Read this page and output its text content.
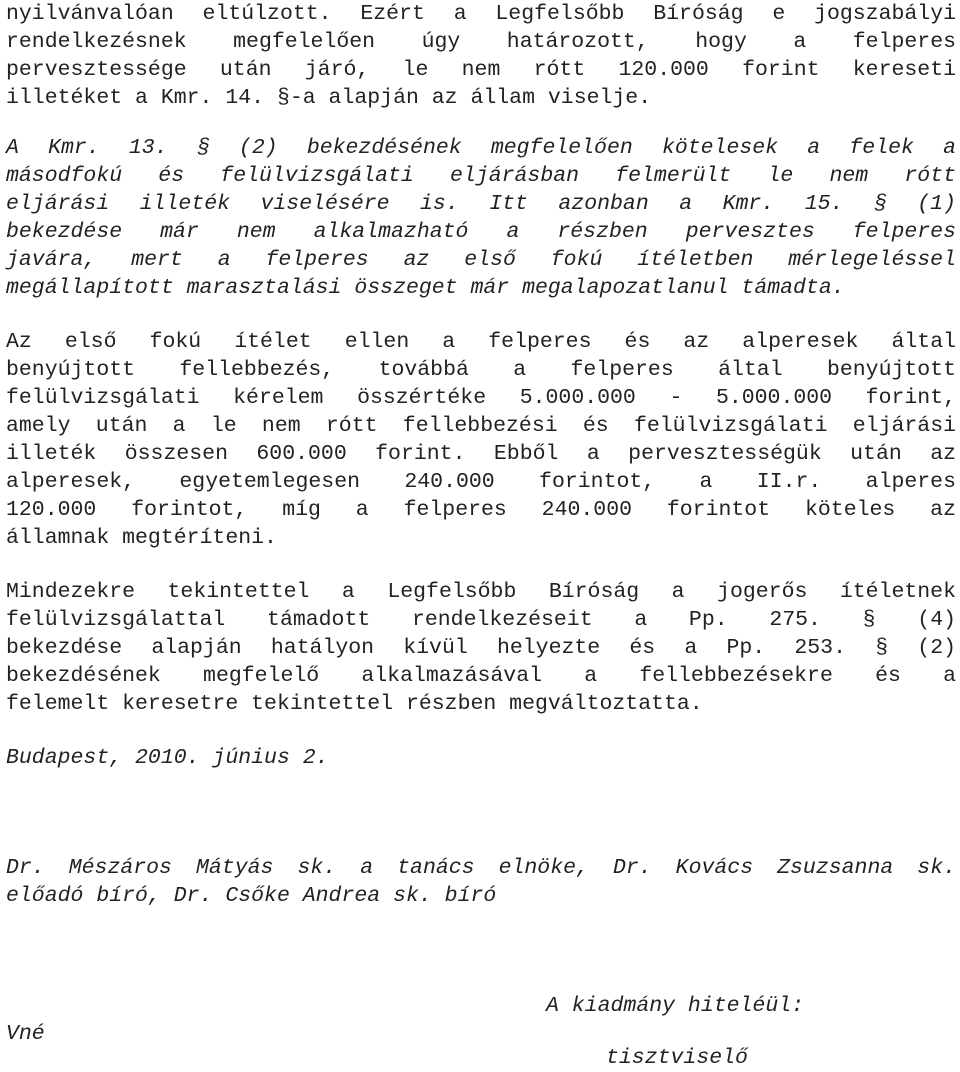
nyilvánvalóan eltúlzott. Ezért a Legfelsőbb Bíróság e jogszabályi
rendelkezésnek megfelelően úgy határozott, hogy a felperes
pervesztessége után járó, le nem rótt 120.000 forint kereseti
illetéket a Kmr. 14. §-a alapján az állam viselje.
A Kmr. 13. § (2) bekezdésének megfelelően kötelesek a felek a
másodfokú és felülvizsgálati eljárásban felmerült le nem rótt
eljárási illeték viselésére is. Itt azonban a Kmr. 15. § (1)
bekezdése már nem alkalmazható a részben pervesztes felperes
javára, mert a felperes az első fokú ítéletben mérlegeléssel
megállapított marasztalási összeget már megalapozatlanul támadta.
Az első fokú ítélet ellen a felperes és az alperesek által
benyújtott fellebbezés, továbbá a felperes által benyújtott
felülvizsgálati kérelem összértéke 5.000.000 - 5.000.000 forint,
amely után a le nem rótt fellebbezési és felülvizsgálati eljárási
illeték összesen 600.000 forint. Ebből a pervesztességük után az
alperesek, egyetemlegesen 240.000 forintot, a II.r. alperes
120.000 forintot, míg a felperes 240.000 forintot köteles az
államnak megtéríteni.
Mindezekre tekintettel a Legfelsőbb Bíróság a jogerős ítéletnek
felülvizsgálattal támadott rendelkezéseit a Pp. 275. § (4)
bekezdése alapján hatályon kívül helyezte és a Pp. 253. § (2)
bekezdésének megfelelő alkalmazásával a fellebbezésekre és a
felemelt keresetre tekintettel részben megváltoztatta.
Budapest, 2010. június 2.
Dr. Mészáros Mátyás sk. a tanács elnöke, Dr. Kovács Zsuzsanna sk.
előadó bíró, Dr. Csőke Andrea sk. bíró
A kiadmány hiteléül:
Vné
tisztviselő
